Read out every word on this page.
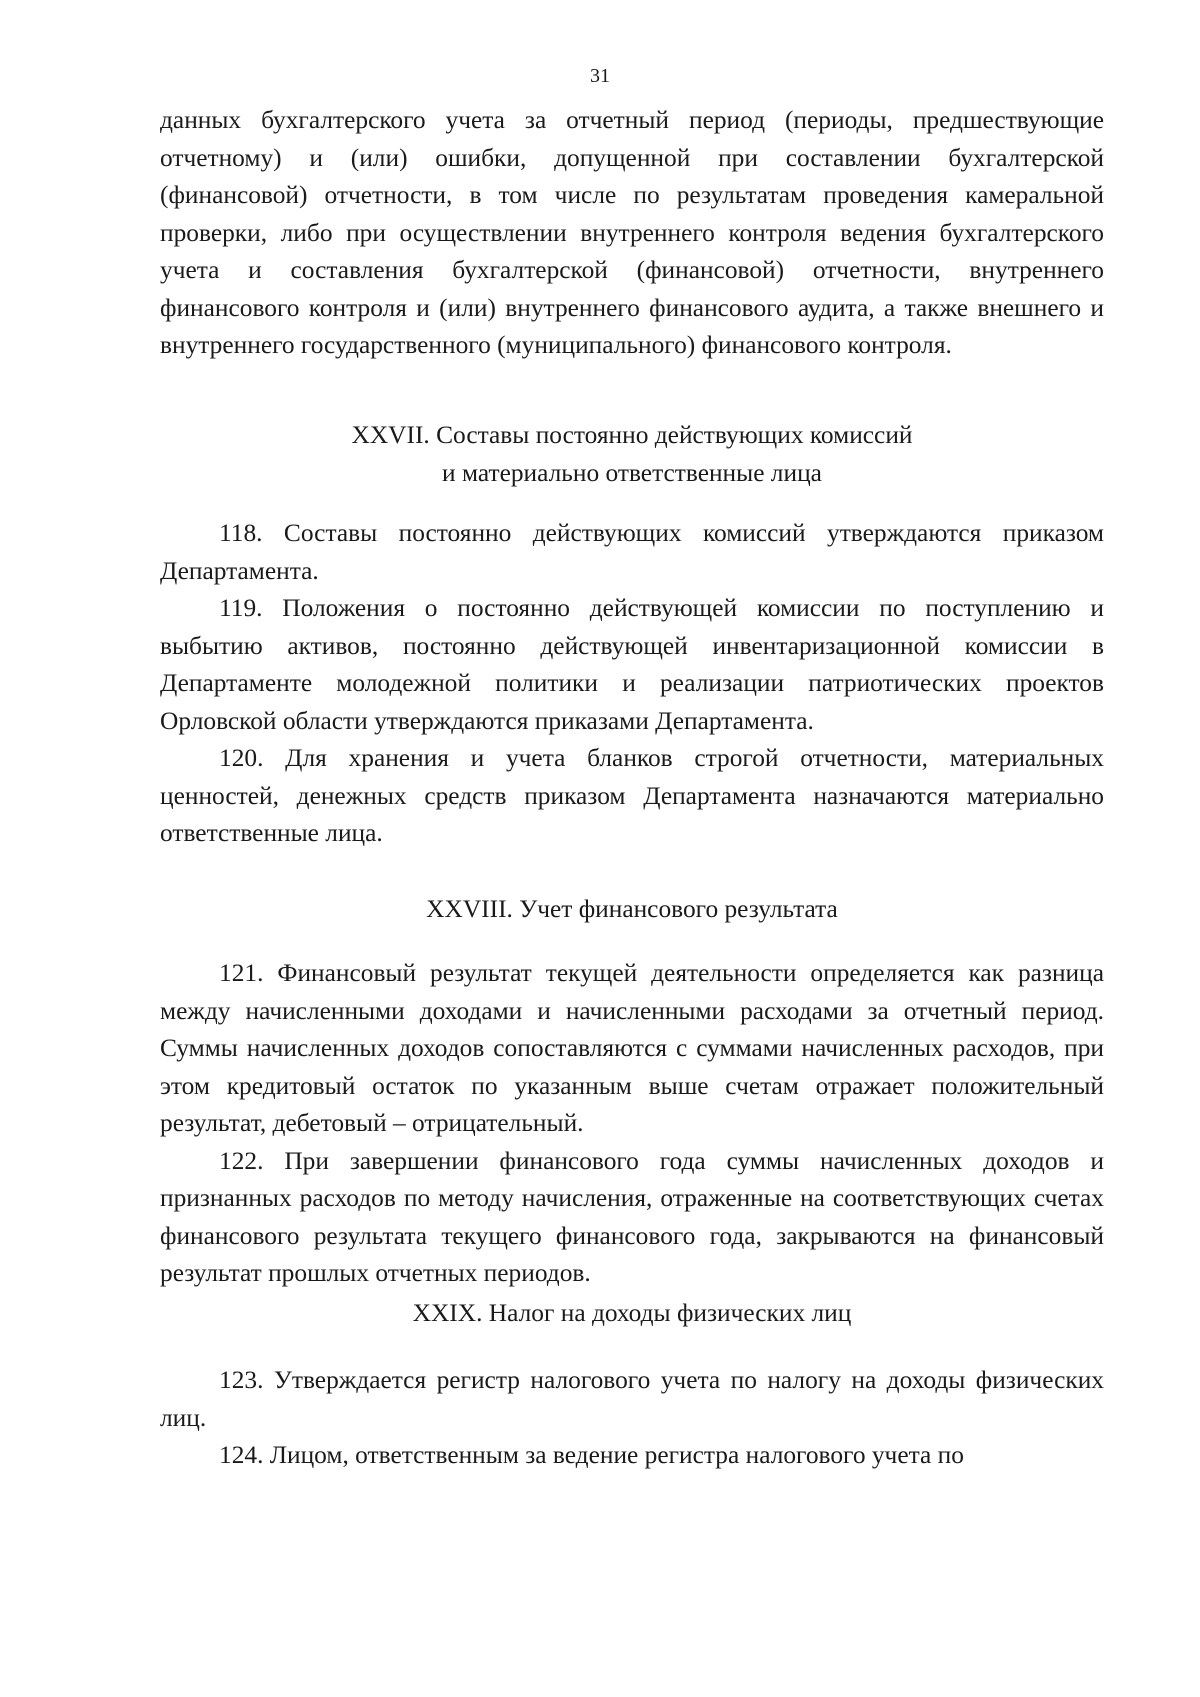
31

данных бухгалтерского учета за отчетный период (периоды, предшествующие отчетному) и (или) ошибки, допущенной при составлении бухгалтерской (финансовой) отчетности, в том числе по результатам проведения камеральной проверки, либо при осуществлении внутреннего контроля ведения бухгалтерского учета и составления бухгалтерской (финансовой) отчетности, внутреннего финансового контроля и (или) внутреннего финансового аудита, а также внешнего и внутреннего государственного (муниципального) финансового контроля.

XXVII. Составы постоянно действующих комиссий
и материально ответственные лица

118. Составы постоянно действующих комиссий утверждаются приказом Департамента.

119. Положения о постоянно действующей комиссии по поступлению и выбытию активов, постоянно действующей инвентаризационной комиссии в Департаменте молодежной политики и реализации патриотических проектов Орловской области утверждаются приказами Департамента.

120. Для хранения и учета бланков строгой отчетности, материальных ценностей, денежных средств приказом Департамента назначаются материально ответственные лица.

XXVIII. Учет финансового результата

121. Финансовый результат текущей деятельности определяется как разница между начисленными доходами и начисленными расходами за отчетный период. Суммы начисленных доходов сопоставляются с суммами начисленных расходов, при этом кредитовый остаток по указанным выше счетам отражает положительный результат, дебетовый – отрицательный.

122. При завершении финансового года суммы начисленных доходов и признанных расходов по методу начисления, отраженные на соответствующих счетах финансового результата текущего финансового года, закрываются на финансовый результат прошлых отчетных периодов.

XXIX. Налог на доходы физических лиц

123. Утверждается регистр налогового учета по налогу на доходы физических лиц.

124. Лицом, ответственным за ведение регистра налогового учета по
